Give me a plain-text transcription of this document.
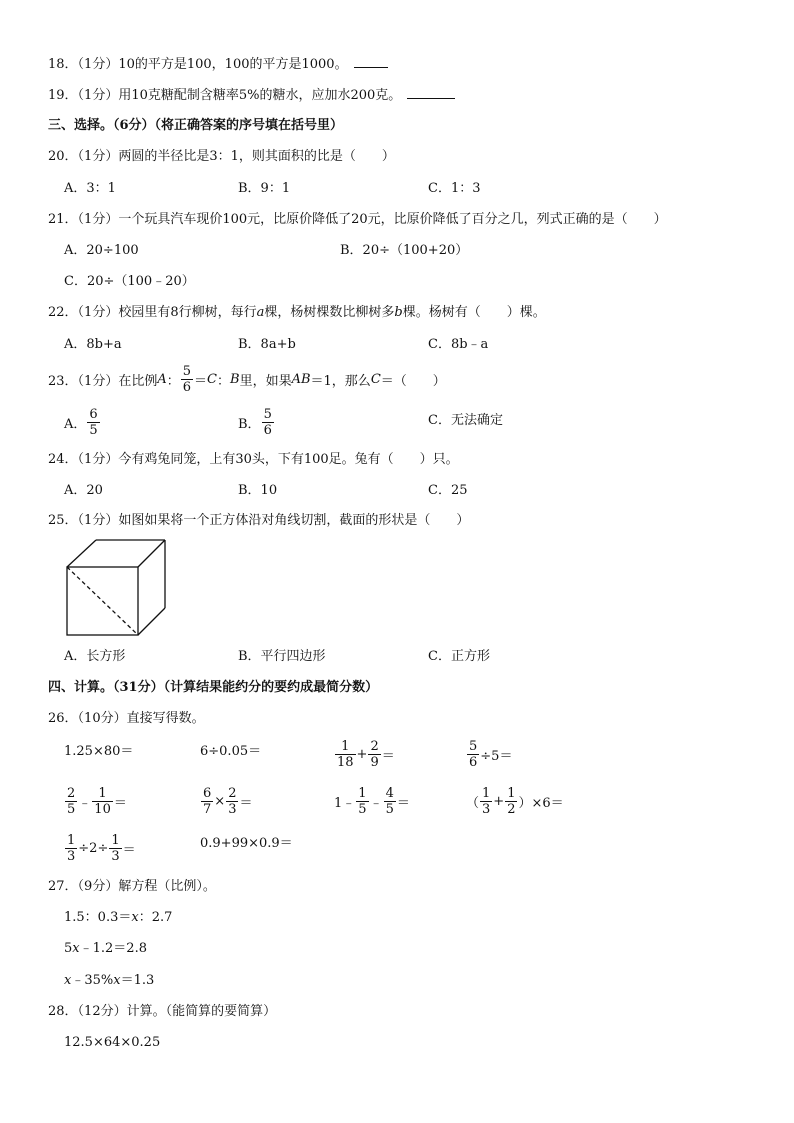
18．（1分）10的平方是100，100的平方是1000。
19．（1分）用10克糖配制含糖率5%的糖水，应加水200克。
三、选择。（6分）（将正确答案的序号填在括号里）
20．（1分）两圆的半径比是3：1，则其面积的比是（　　）
A．3：1	B．9：1	C．1：3
21．（1分）一个玩具汽车现价100元，比原价降低了20元，比原价降低了百分之几，列式正确的是（　　）
A．20÷100	B．20÷（100+20）
C．20÷（100﹣20）
22．（1分）校园里有8行柳树，每行a棵，杨树棵数比柳树多b棵。杨树有（　　）棵。
A．8b+a	B．8a+b	C．8b﹣a
23．（1分）在比例 A ： $\frac{5}{6} = C$ ： B 里，如果 AB ＝1，那么 C ＝（　　）
A． $\frac{6}{5}$	B． $\frac{5}{6}$	C．无法确定
24．（1分）今有鸡兔同笼，上有30头，下有100足。兔有（　　）只。
A．20	B．10	C．25
25．（1分）如图如果将一个正方体沿对角线切割，截面的形状是（　　）
A．长方形	B．平行四边形	C．正方形
四、计算。（31分）（计算结果能约分的要约成最简分数）
26．（10分）直接写得数。
1.25×80＝	6÷0.05＝	$\frac{1}{18} + \frac{2}{9}$ ＝	$\frac{5}{6} \div 5=$
$\frac{2}{5}$ ﹣ $\frac{1}{10}$ ＝	$\frac{6}{7} \times \frac{2}{3}$ ＝	1﹣ $\frac{1}{5}$ ﹣ $\frac{4}{5}$ ＝	（ $\frac{1}{3} + \frac{1}{2} )\times 6=$
$\frac{1}{3} \div 2\div \frac{1}{3}$ ＝	0.9+99×0.9＝
27．（9分）解方程（比例）。
1.5：0.3＝x：2.7
5x﹣1.2＝2.8
x﹣35%x＝1.3
28．（12分）计算。（能简算的要简算）
12.5×64×0.25
